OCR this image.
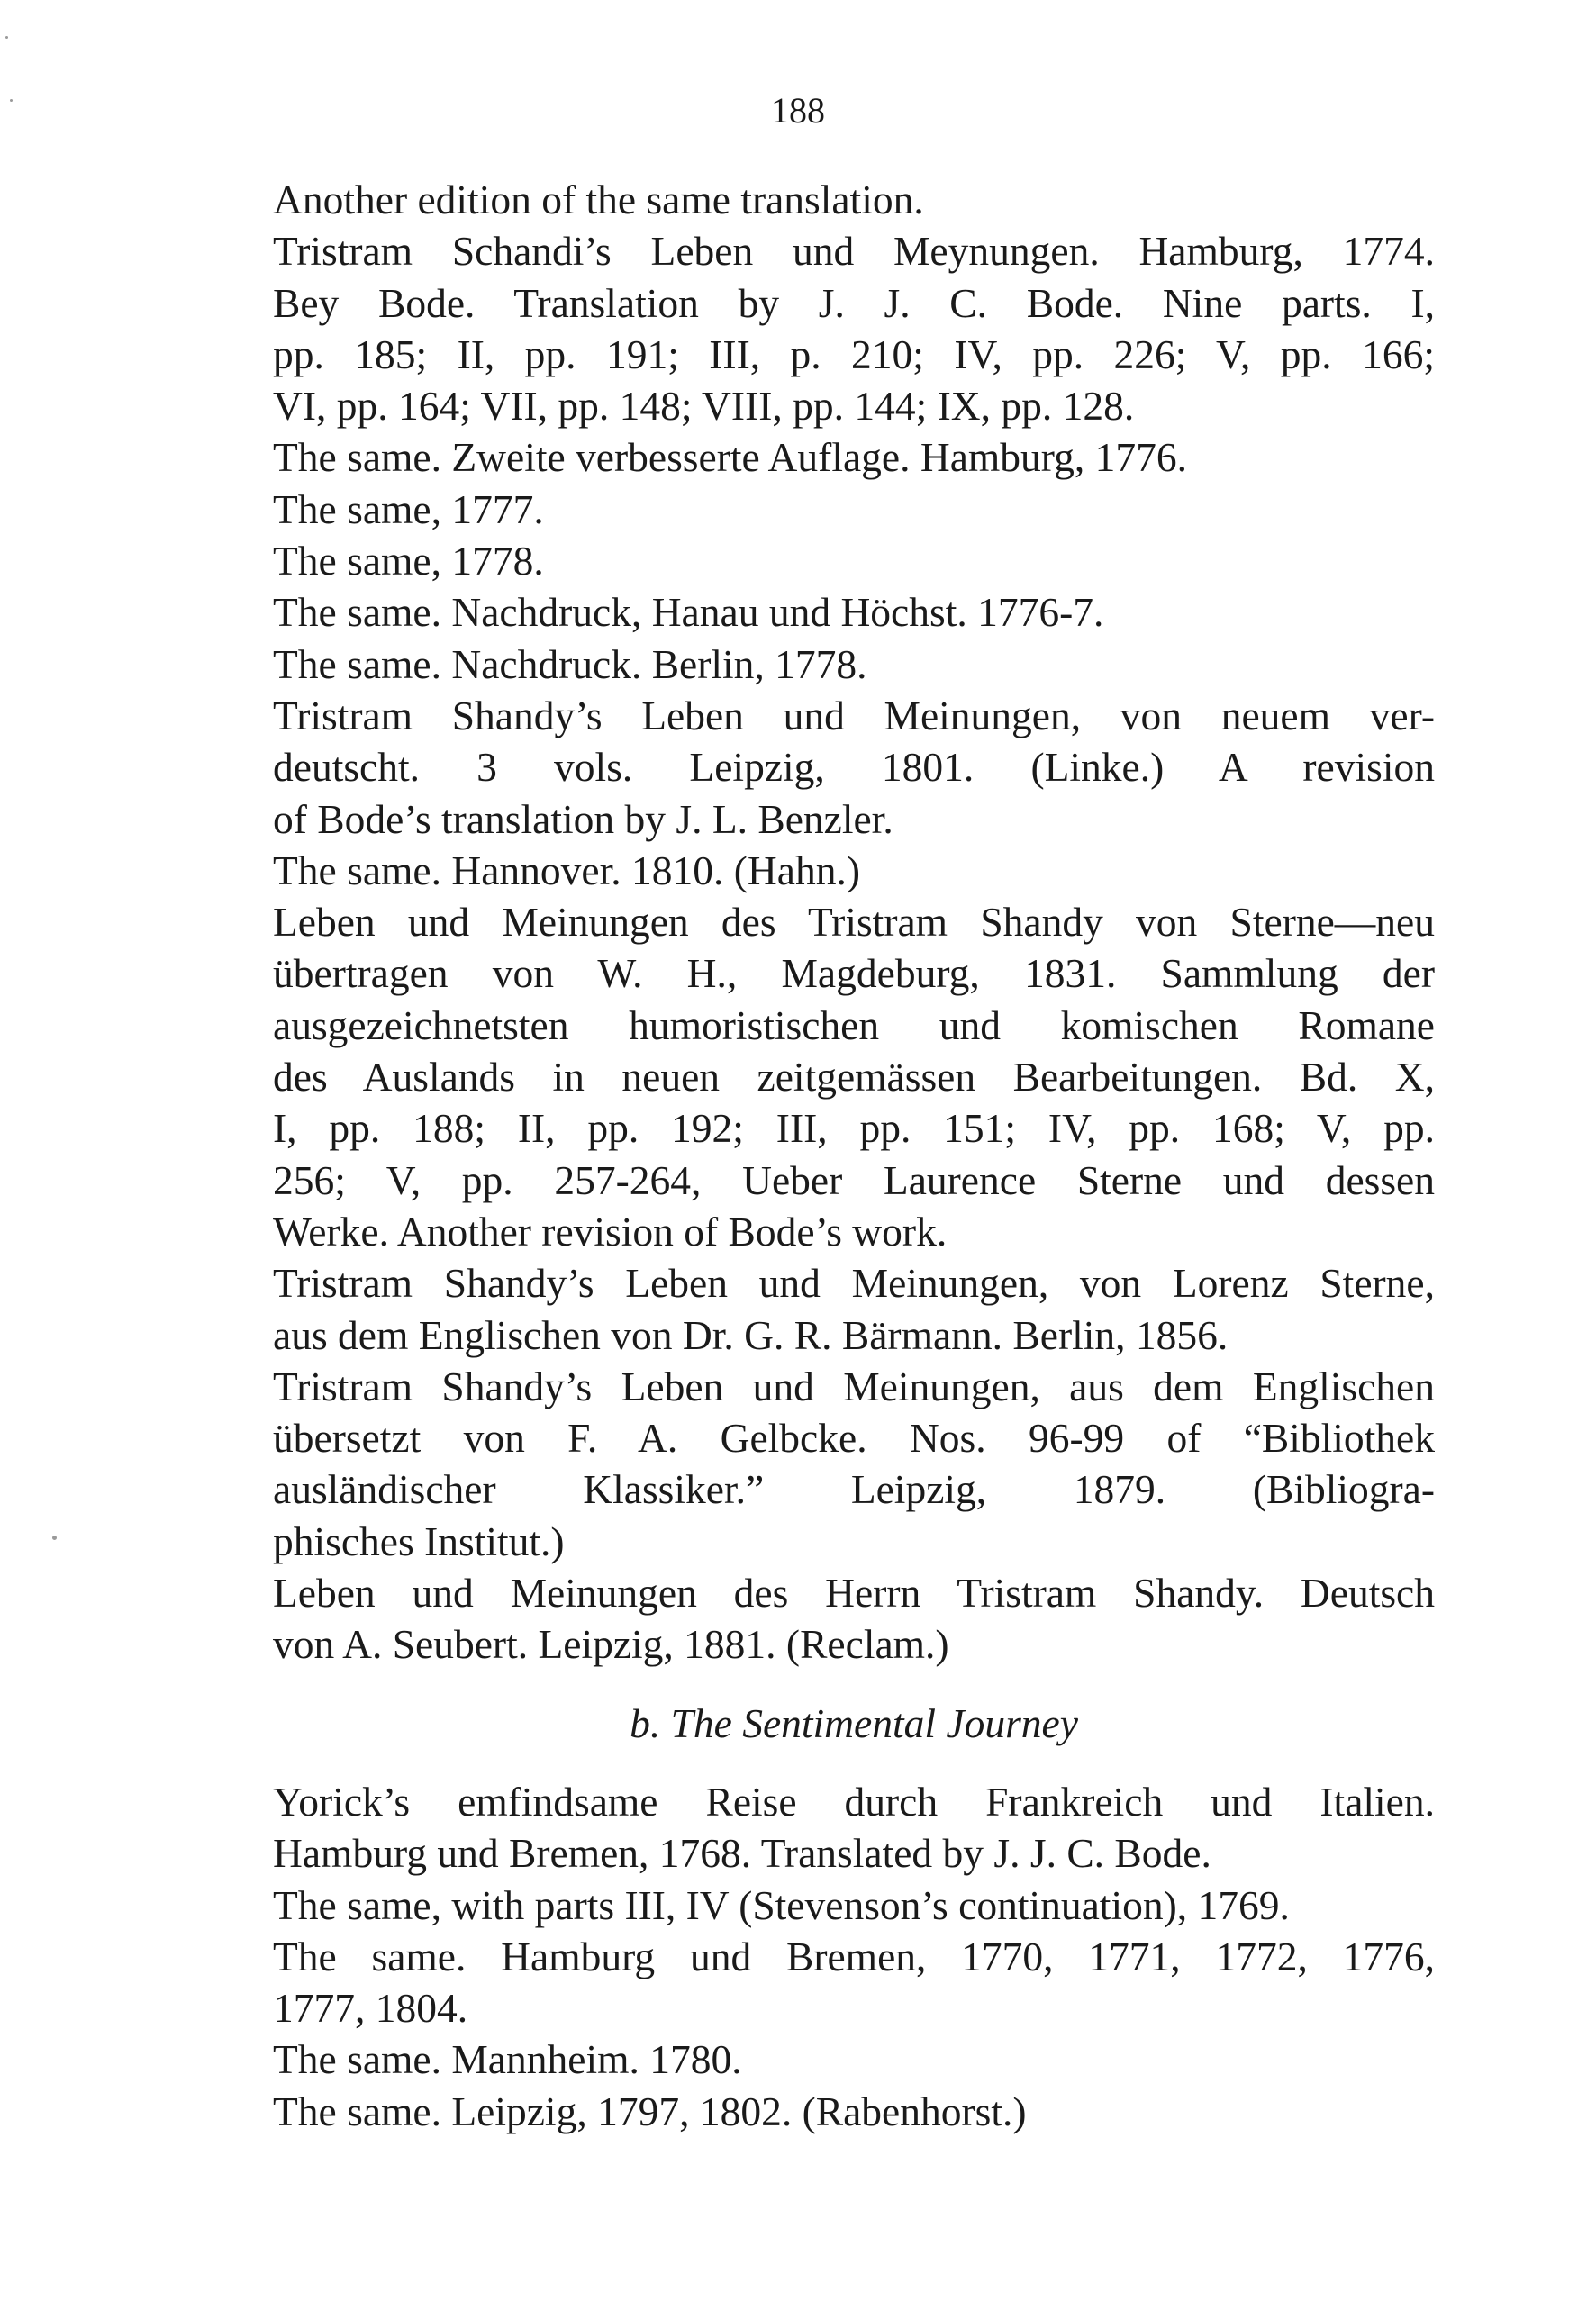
188

Another edition of the same translation.

Tristram Schandi’s Leben und Meynungen. Hamburg, 1774.
Bey Bode. Translation by J. J. C. Bode. Nine parts. I,
pp. 185; II, pp. 191; III, p. 210; IV, pp. 226; V, pp. 166;
VI, pp. 164; VII, pp. 148; VIII, pp. 144; IX, pp. 128.

The same. Zweite verbesserte Auflage. Hamburg, 1776.

The same, 1777.

The same, 1778.

The same. Nachdruck, Hanau und Höchst. 1776-7.

The same. Nachdruck. Berlin, 1778.

Tristram Shandy’s Leben und Meinungen, von neuem ver-
deutscht. 3 vols. Leipzig, 1801. (Linke.) A revision
of Bode’s translation by J. L. Benzler.

The same. Hannover. 1810. (Hahn.)

Leben und Meinungen des Tristram Shandy von Sterne—neu
übertragen von W. H., Magdeburg, 1831. Sammlung der
ausgezeichnetsten humoristischen und komischen Romane
des Auslands in neuen zeitgemässen Bearbeitungen. Bd. X,
I, pp. 188; II, pp. 192; III, pp. 151; IV, pp. 168; V, pp.
256; V, pp. 257-264, Ueber Laurence Sterne und dessen
Werke. Another revision of Bode’s work.

Tristram Shandy’s Leben und Meinungen, von Lorenz Sterne,
aus dem Englischen von Dr. G. R. Bärmann. Berlin, 1856.

Tristram Shandy’s Leben und Meinungen, aus dem Englischen
übersetzt von F. A. Gelbcke. Nos. 96-99 of “Bibliothek
ausländischer Klassiker.” Leipzig, 1879. (Bibliogra-
phisches Institut.)

Leben und Meinungen des Herrn Tristram Shandy. Deutsch
von A. Seubert. Leipzig, 1881. (Reclam.)

b. The Sentimental Journey

Yorick’s emfindsame Reise durch Frankreich und Italien.
Hamburg und Bremen, 1768. Translated by J. J. C. Bode.

The same, with parts III, IV (Stevenson’s continuation), 1769.

The same. Hamburg und Bremen, 1770, 1771, 1772, 1776,
1777, 1804.

The same. Mannheim. 1780.

The same. Leipzig, 1797, 1802. (Rabenhorst.)
